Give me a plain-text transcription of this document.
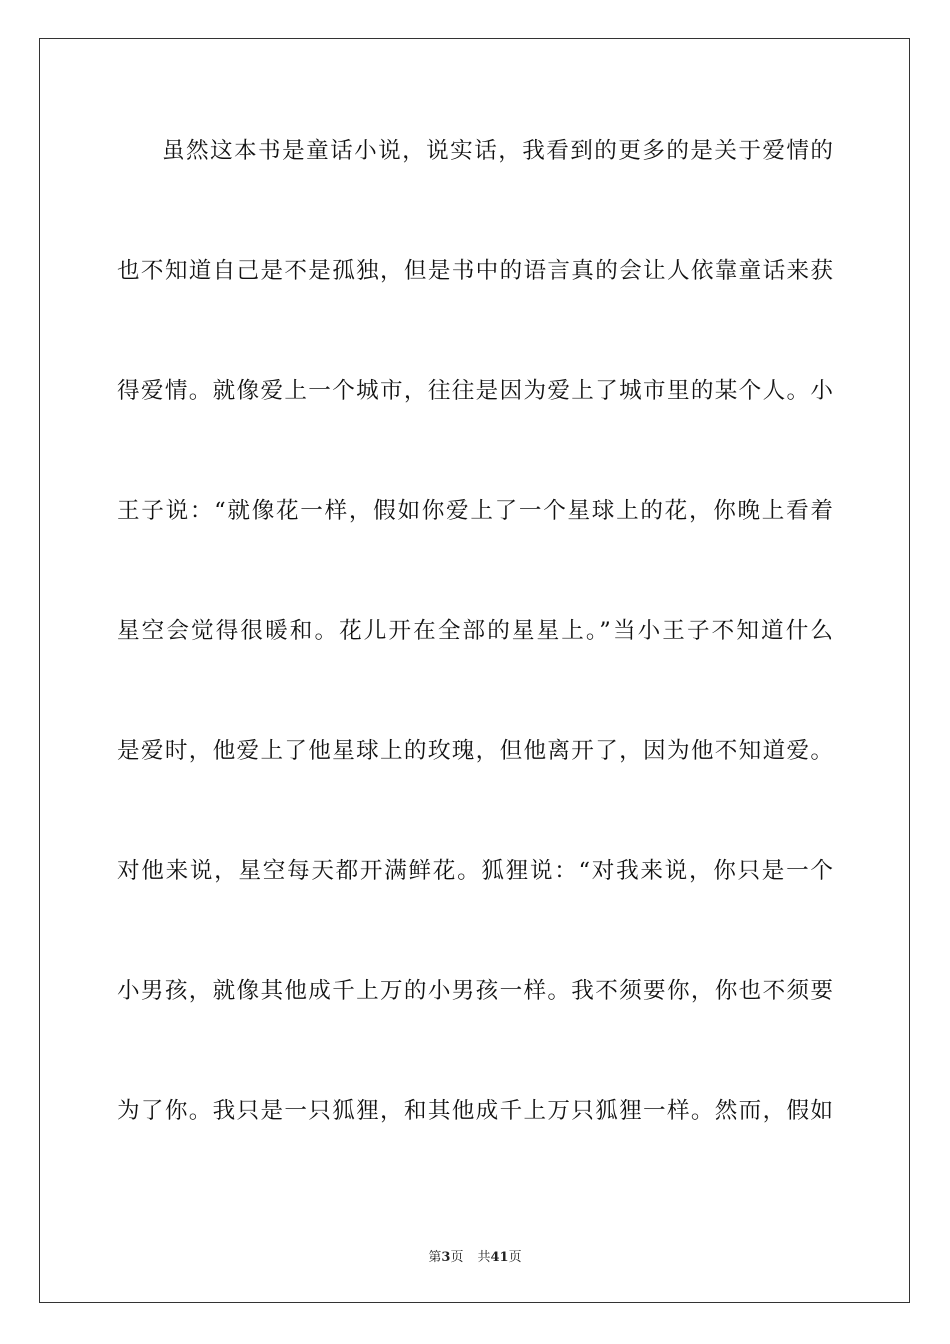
虽然这本书是童话小说，说实话，我看到的更多的是关于爱情的
也不知道自己是不是孤独，但是书中的语言真的会让人依靠童话来获
得爱情。就像爱上一个城市，往往是因为爱上了城市里的某个人。小
王子说：“就像花一样，假如你爱上了一个星球上的花，你晚上看着
星空会觉得很暖和。花儿开在全部的星星上。”当小王子不知道什么
是爱时，他爱上了他星球上的玫瑰，但他离开了，因为他不知道爱。
对他来说，星空每天都开满鲜花。狐狸说：“对我来说，你只是一个
小男孩，就像其他成千上万的小男孩一样。我不须要你，你也不须要
为了你。我只是一只狐狸，和其他成千上万只狐狸一样。然而，假如
第3页 共41页
